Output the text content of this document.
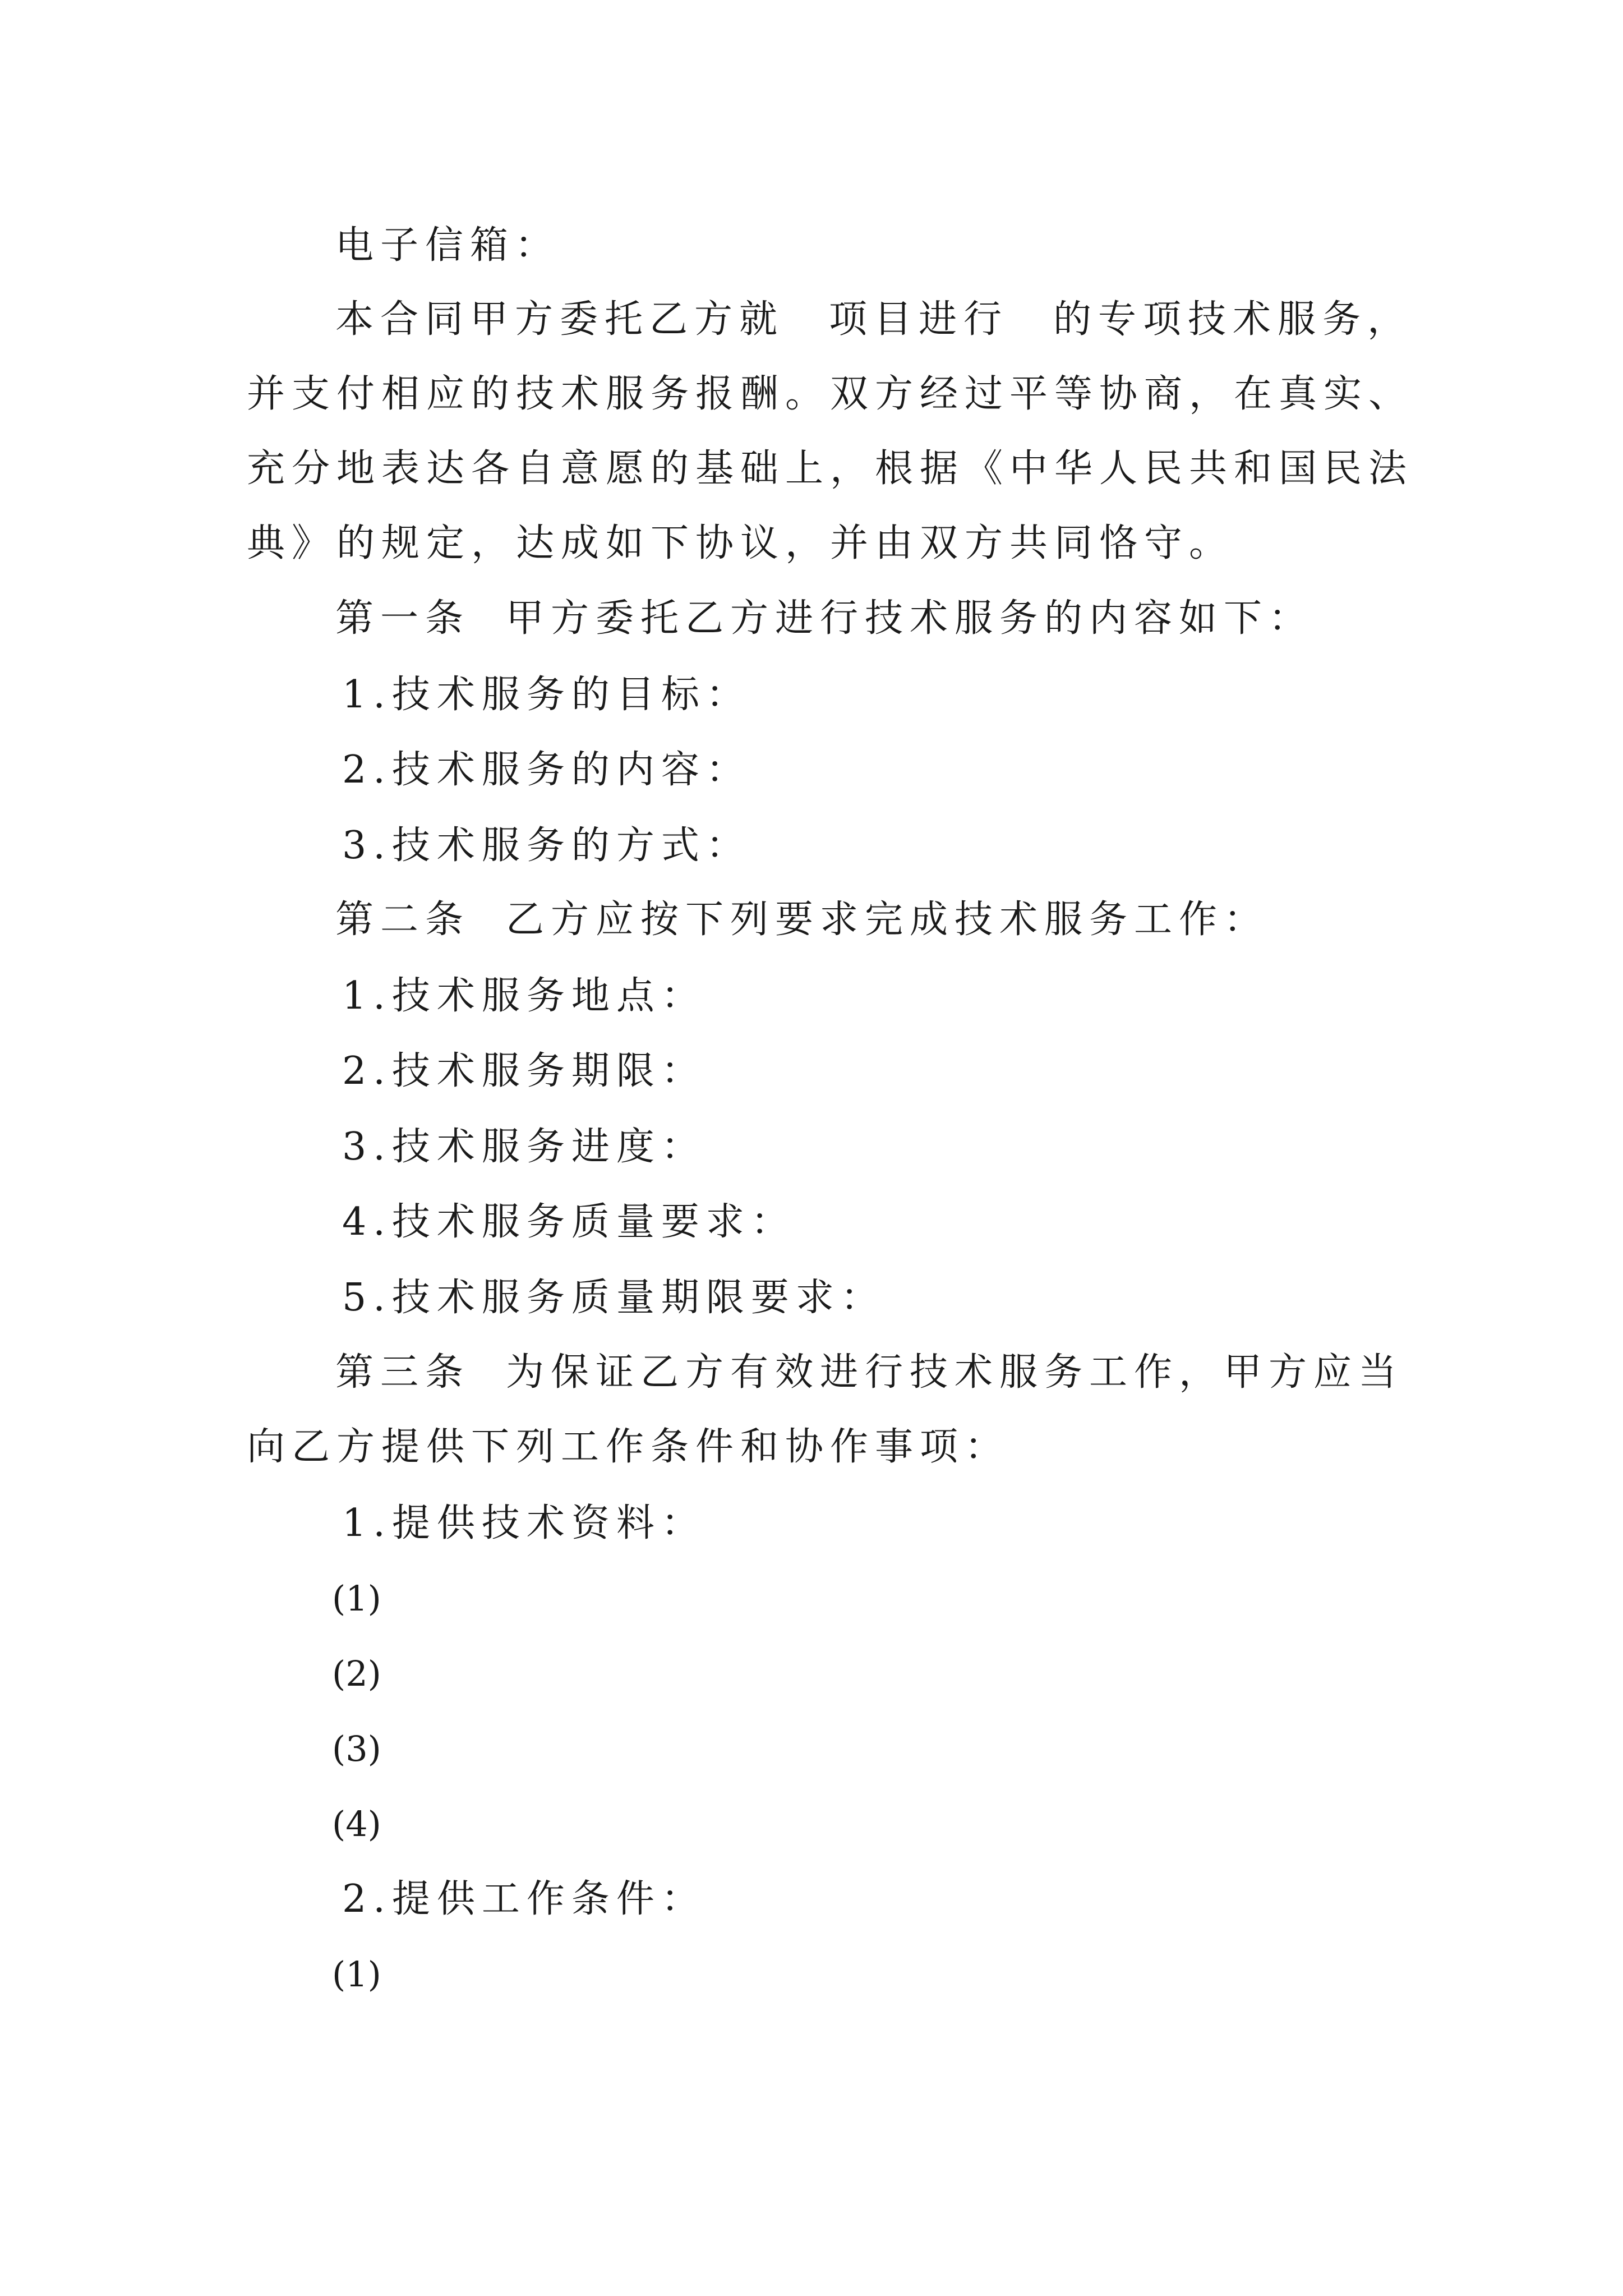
电子信箱：
本合同甲方委托乙方就　项目进行　的专项技术服务，
并支付相应的技术服务报酬。双方经过平等协商，在真实、
充分地表达各自意愿的基础上，根据《中华人民共和国民法
典》的规定，达成如下协议，并由双方共同恪守。
第一条 甲方委托乙方进行技术服务的内容如下：
1.技术服务的目标：
2.技术服务的内容：
3.技术服务的方式：
第二条 乙方应按下列要求完成技术服务工作：
1.技术服务地点：
2.技术服务期限：
3.技术服务进度：
4.技术服务质量要求：
5.技术服务质量期限要求：
第三条 为保证乙方有效进行技术服务工作，甲方应当
向乙方提供下列工作条件和协作事项：
1.提供技术资料：
(1)
(2)
(3)
(4)
2.提供工作条件：
(1)
